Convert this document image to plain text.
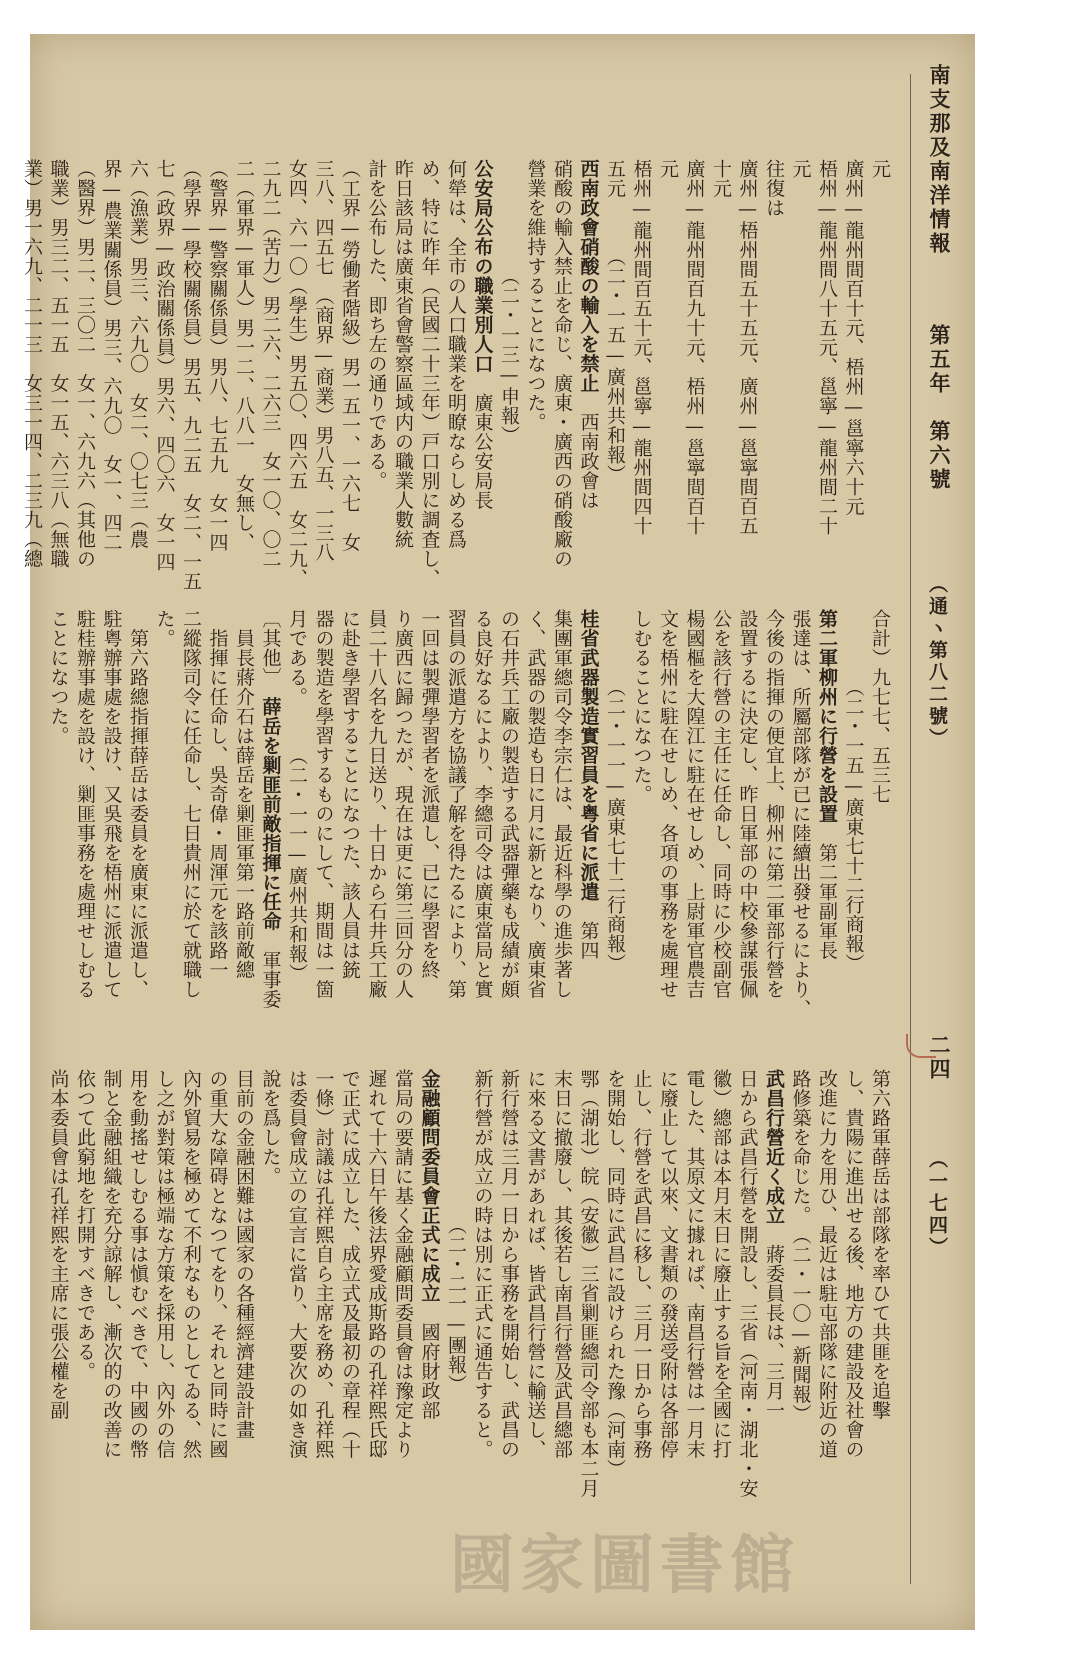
南支那及南洋情報
第五年　第六號
（通ヽ第八二號）
二四
（一七四）
元
廣州—龍州間百十元、梧州—邕寧六十元
梧州—龍州間八十五元、邕寧—龍州間二十
元
往復は
廣州—梧州間五十五元、廣州—邕寧間百五
十元
廣州—龍州間百九十元、梧州—邕寧間百十
元
梧州—龍州間百五十元、邕寧—龍州間四十
五元　　　（二・一五—廣州共和報）
西南政會硝酸の輸入を禁止　西南政會は
硝酸の輸入禁止を命じ、廣東・廣西の硝酸廠の
營業を維持することになつた。
　　　　　　（二・一三—申報）
公安局公布の職業別人口　廣東公安局長
何犖は、全市の人口職業を明瞭ならしめる爲
め、特に昨年（民國二十三年）戸口別に調査し、
昨日該局は廣東省會警察區域内の職業人數統
計を公布した、即ち左の通りである。
（工界—勞働者階級）男一五一、一六七　女
三八、四五七　（商界—商業）男八五、一三八
女四、六一〇（學生）男五〇、四六五　女二九、
二九二（苦力）男二六、二六三　女一〇、〇二
二（軍界—軍人）男一二、八八一　女無し、
（警界—警察關係員）男八、七五九　女一四
（學界—學校關係員）男五、九二五　女二、一五
七（政界—政治關係員）男六、四〇六　女一四
六（漁業）男三、六九〇　女二、〇七三（農
界—農業關係員）男三、六九〇　女一、四二
（醫界）男二、三〇二　女一、六九六（其他の
職業）男三二、五一五　女一五、六三八（無職
業）男一六九、二一三　女三一四、二三九（總
合計）九七七、五三七
　　　　（二・一五—廣東七十二行商報）
第二軍柳州に行營を設置　第二軍副軍長
張達は、所屬部隊が已に陸續出發せるにより、
今後の指揮の便宜上、柳州に第二軍部行營を
設置するに決定し、昨日軍部の中校參謀張佩
公を該行營の主任に任命し、同時に少校副官
楊國樞を大隍江に駐在せしめ、上尉軍官農吉
文を梧州に駐在せしめ、各項の事務を處理せ
しむることになつた。
　　　　（二・一一—廣東七十二行商報）
桂省武器製造實習員を粤省に派遣　第四
集團軍總司令李宗仁は、最近科學の進歩著し
く、武器の製造も日に月に新となり、廣東省
の石井兵工廠の製造する武器彈藥も成績が頗
る良好なるにより、李總司令は廣東當局と實
習員の派遣方を協議了解を得たるにより、第
一回は製彈學習者を派遣し、已に學習を終
り廣西に歸つたが、現在は更に第三回分の人
員二十八名を九日送り、十日から石井兵工廠
に赴き學習することになつた、該人員は銃
器の製造を學習するものにして、期間は一箇
月である。　　　（二・一一—廣州共和報）
〔其他〕　薛岳を剿匪前敵指揮に任命　軍事委
　員長蔣介石は薛岳を剿匪軍第一路前敵總
　指揮に任命し、吳奇偉・周渾元を該路一
二縱隊司令に任命し、七日貴州に於て就職し
た。
　第六路總指揮薛岳は委員を廣東に派遣し、
駐粤辦事處を設け、又吳飛を梧州に派遣して
駐桂辦事處を設け、剿匪事務を處理せしむる
ことになつた。
第六路軍薛岳は部隊を率ひて共匪を追擊
し、貴陽に進出せる後、地方の建設及社會の
改進に力を用ひ、最近は駐屯部隊に附近の道
路修築を命じた。　（二・一〇—新聞報）
武昌行營近く成立　蔣委員長は、三月一
日から武昌行營を開設し、三省（河南・湖北・安
徽）總部は本月末日に廢止する旨を全國に打
電した、其原文に據れば、南昌行營は一月末
に廢止して以來、文書類の發送受附は各部停
止し、行營を武昌に移し、三月一日から事務
を開始し、同時に武昌に設けられた豫（河南）
鄂（湖北）皖（安徽）三省剿匪總司令部も本二月
末日に撤廢し、其後若し南昌行營及武昌總部
に來る文書があれば、皆武昌行營に輸送し、
新行營は三月一日から事務を開始し、武昌の
新行營が成立の時は別に正式に通告すると。
　　　　　　　　（二・二一—團報）
金融顧問委員會正式に成立　國府財政部
當局の要請に基く金融顧問委員會は豫定より
遲れて十六日午後法界愛成斯路の孔祥熙氏邸
で正式に成立した、成立式及最初の章程（十
一條）討議は孔祥熙自ら主席を務め、孔祥熙
は委員會成立の宣言に當り、大要次の如き演
說を爲した。
目前の金融困難は國家の各種經濟建設計畫
の重大な障碍となつてをり、それと同時に國
內外貿易を極めて不利なものとしてゐる、然
し之が對策は極端な方策を採用し、內外の信
用を動搖せしむる事は愼むべきで、中國の幣
制と金融組織を充分諒解し、漸次的の改善に
依つて此窮地を打開すべきである。
尚本委員會は孔祥熙を主席に張公權を副
國家圖書館
